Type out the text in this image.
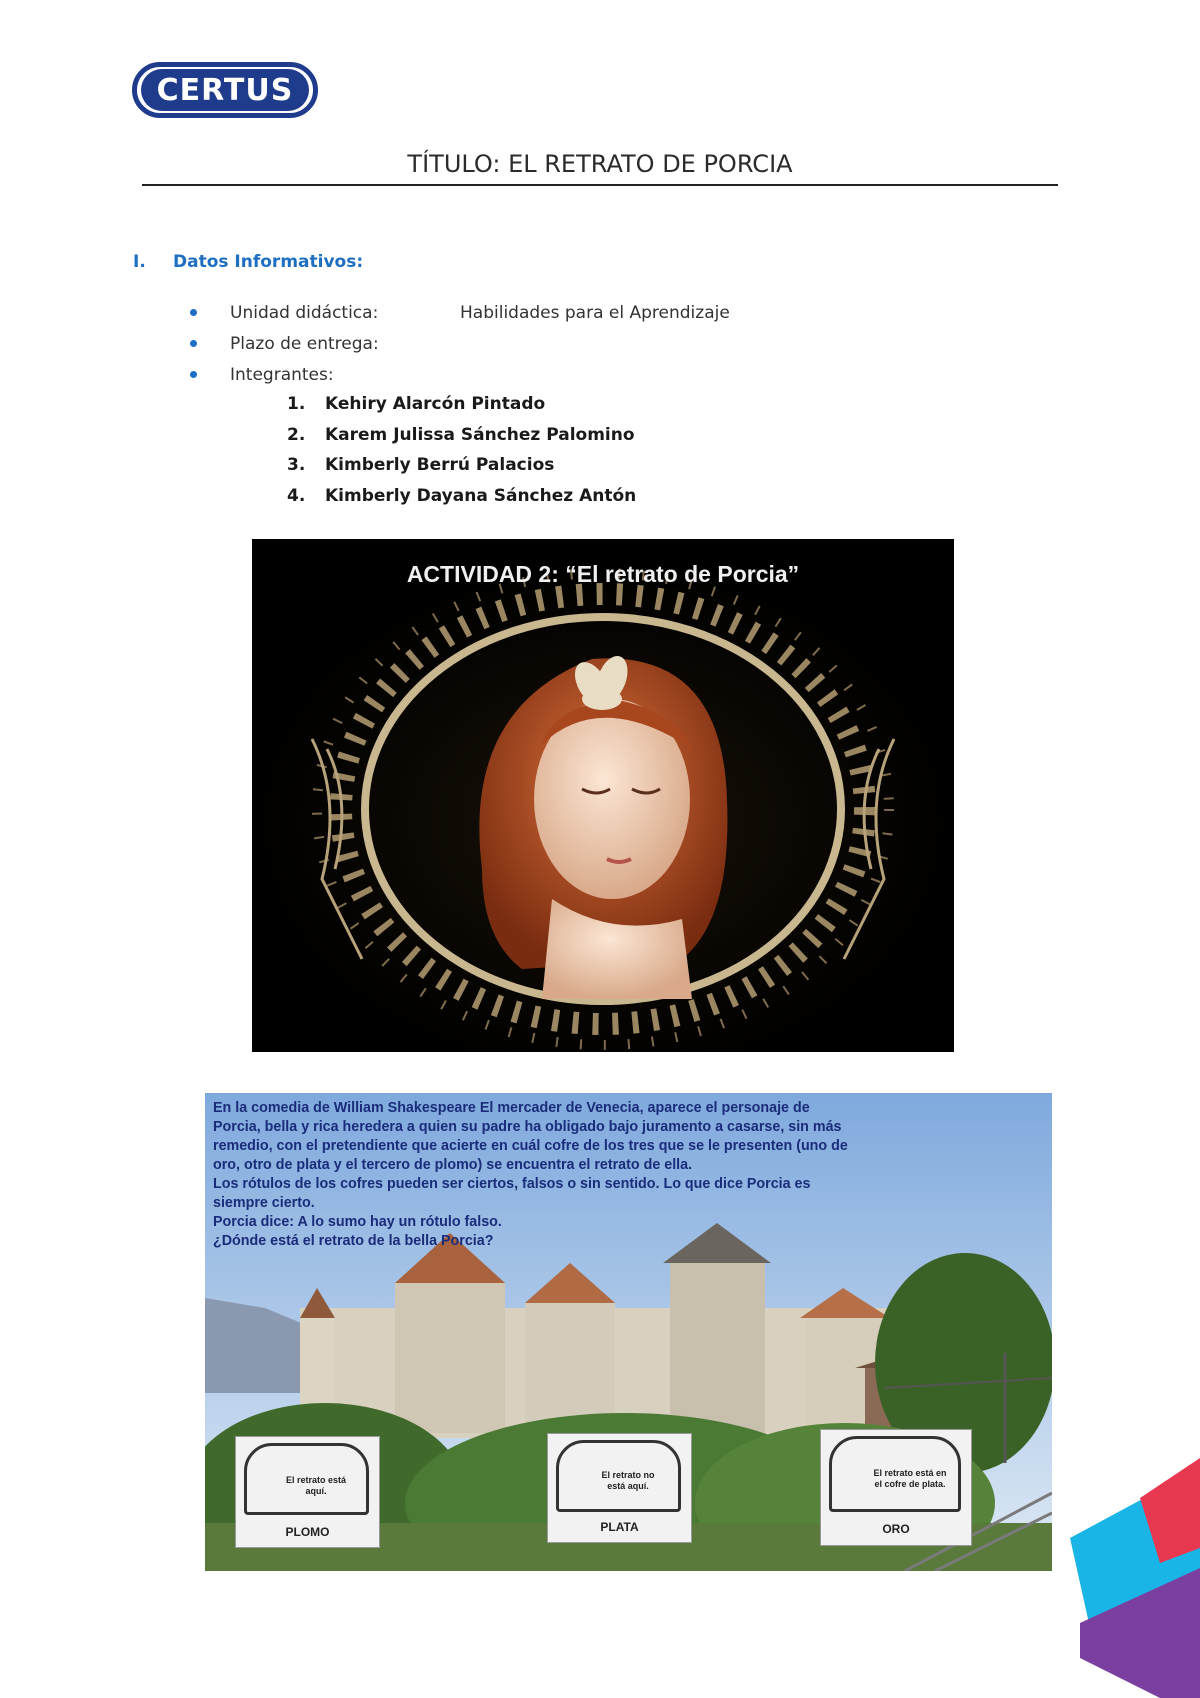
CERTUS
TÍTULO: EL RETRATO DE PORCIA
I. Datos Informativos:
Unidad didáctica:	Habilidades para el Aprendizaje
Plazo de entrega:
Integrantes:
1.	Kehiry Alarcón Pintado
2.	Karem Julissa Sánchez Palomino
3.	Kimberly Berrú Palacios
4.	Kimberly Dayana Sánchez Antón
ACTIVIDAD 2: “El retrato de Porcia”
En la comedia de William Shakespeare El mercader de Venecia, aparece el personaje de
Porcia, bella y rica heredera a quien su padre ha obligado bajo juramento a casarse, sin más
remedio, con el pretendiente que acierte en cuál cofre de los tres que se le presenten (uno de
oro, otro de plata y el tercero de plomo) se encuentra el retrato de ella.
Los rótulos de los cofres pueden ser ciertos, falsos o sin sentido. Lo que dice Porcia es
siempre cierto.
Porcia dice: A lo sumo hay un rótulo falso.
¿Dónde está el retrato de la bella Porcia?
El retrato está
aquí.
PLOMO
El retrato no
está aquí.
PLATA
El retrato está en
el cofre de plata.
ORO
